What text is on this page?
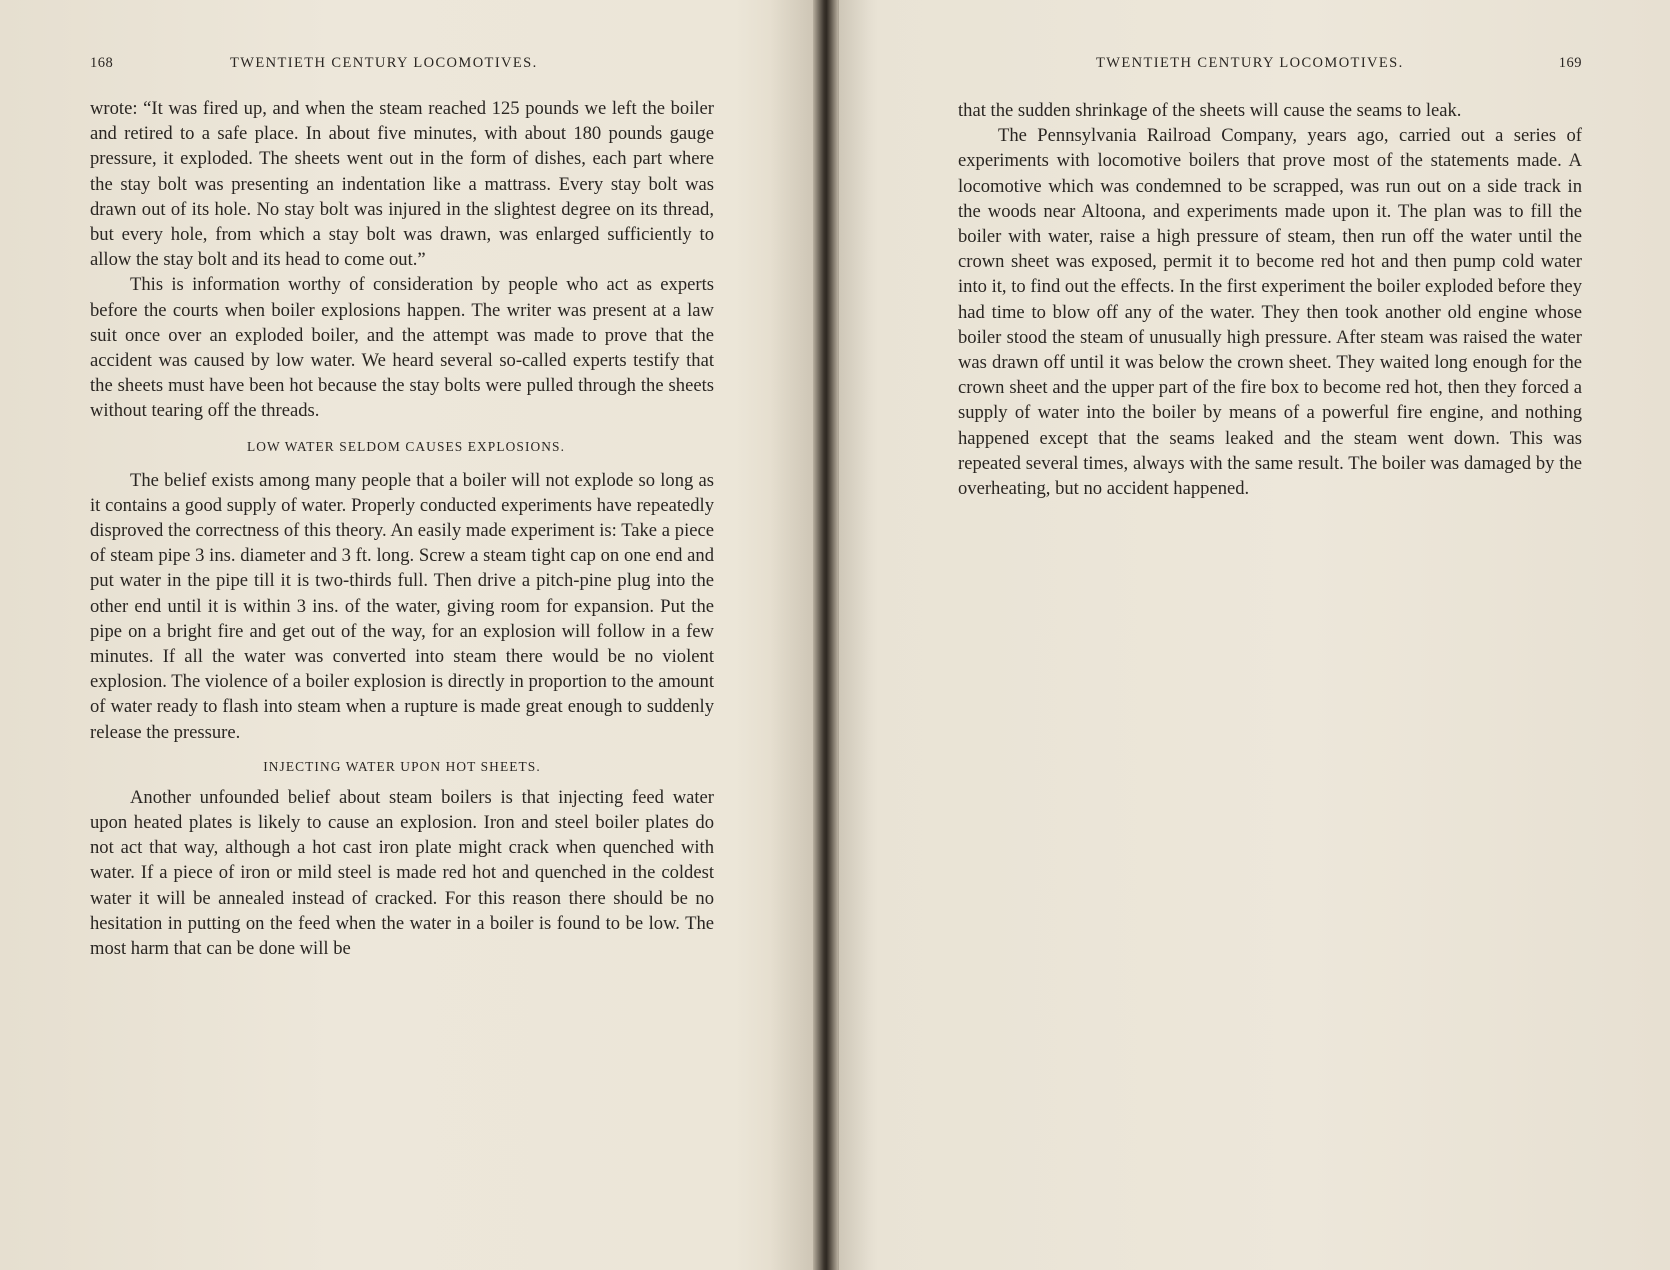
168	TWENTIETH CENTURY LOCOMOTIVES.

wrote: “It was fired up, and when the steam reached 125 pounds we left the boiler and retired to a safe place. In about five minutes, with about 180 pounds gauge pressure, it exploded. The sheets went out in the form of dishes, each part where the stay bolt was presenting an indentation like a mattrass. Every stay bolt was drawn out of its hole. No stay bolt was injured in the slightest degree on its thread, but every hole, from which a stay bolt was drawn, was enlarged sufficiently to allow the stay bolt and its head to come out.”

This is information worthy of consideration by people who act as experts before the courts when boiler explosions happen. The writer was present at a law suit once over an exploded boiler, and the attempt was made to prove that the accident was caused by low water. We heard several so-called experts testify that the sheets must have been hot because the stay bolts were pulled through the sheets without tearing off the threads.

LOW WATER SELDOM CAUSES EXPLOSIONS.

The belief exists among many people that a boiler will not explode so long as it contains a good supply of water. Properly conducted experiments have repeatedly disproved the correctness of this theory. An easily made experiment is: Take a piece of steam pipe 3 ins. diameter and 3 ft. long. Screw a steam tight cap on one end and put water in the pipe till it is two-thirds full. Then drive a pitch-pine plug into the other end until it is within 3 ins. of the water, giving room for expansion. Put the pipe on a bright fire and get out of the way, for an explosion will follow in a few minutes. If all the water was converted into steam there would be no violent explosion. The violence of a boiler explosion is directly in proportion to the amount of water ready to flash into steam when a rupture is made great enough to suddenly release the pressure.

INJECTING WATER UPON HOT SHEETS.

Another unfounded belief about steam boilers is that injecting feed water upon heated plates is likely to cause an explosion. Iron and steel boiler plates do not act that way, although a hot cast iron plate might crack when quenched with water. If a piece of iron or mild steel is made red hot and quenched in the coldest water it will be annealed instead of cracked. For this reason there should be no hesitation in putting on the feed when the water in a boiler is found to be low. The most harm that can be done will be

TWENTIETH CENTURY LOCOMOTIVES.	169

that the sudden shrinkage of the sheets will cause the seams to leak.

The Pennsylvania Railroad Company, years ago, carried out a series of experiments with locomotive boilers that prove most of the statements made. A locomotive which was condemned to be scrapped, was run out on a side track in the woods near Altoona, and experiments made upon it. The plan was to fill the boiler with water, raise a high pressure of steam, then run off the water until the crown sheet was exposed, permit it to become red hot and then pump cold water into it, to find out the effects. In the first experiment the boiler exploded before they had time to blow off any of the water. They then took another old engine whose boiler stood the steam of unusually high pressure. After steam was raised the water was drawn off until it was below the crown sheet. They waited long enough for the crown sheet and the upper part of the fire box to become red hot, then they forced a supply of water into the boiler by means of a powerful fire engine, and nothing happened except that the seams leaked and the steam went down. This was repeated several times, always with the same result. The boiler was damaged by the overheating, but no accident happened.
